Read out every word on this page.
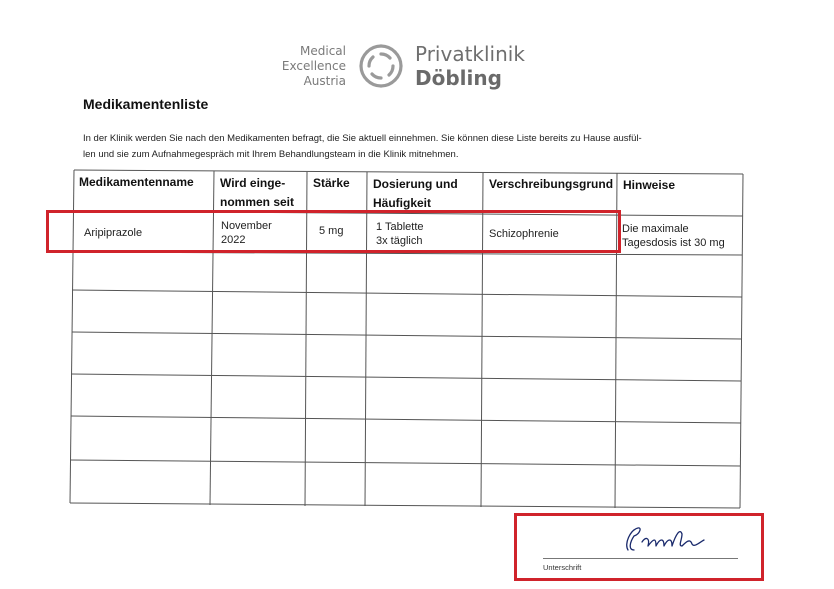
Medical
Excellence
Austria
Privatklinik
Döbling
Medikamentenliste
In der Klinik werden Sie nach den Medikamenten befragt, die Sie aktuell einnehmen. Sie können diese Liste bereits zu Hause ausfül-
len und sie zum Aufnahmegespräch mit Ihrem Behandlungsteam in die Klinik mitnehmen.
Medikamentenname Wird einge-
nommen seit
Stärke Dosierung und
Häufigkeit
Verschreibungsgrund Hinweise
Aripiprazole
November
2022
5 mg	1 Tablette
3x täglich
Schizophrenie	Die maximale
Tagesdosis ist 30 mg
Unterschrift
